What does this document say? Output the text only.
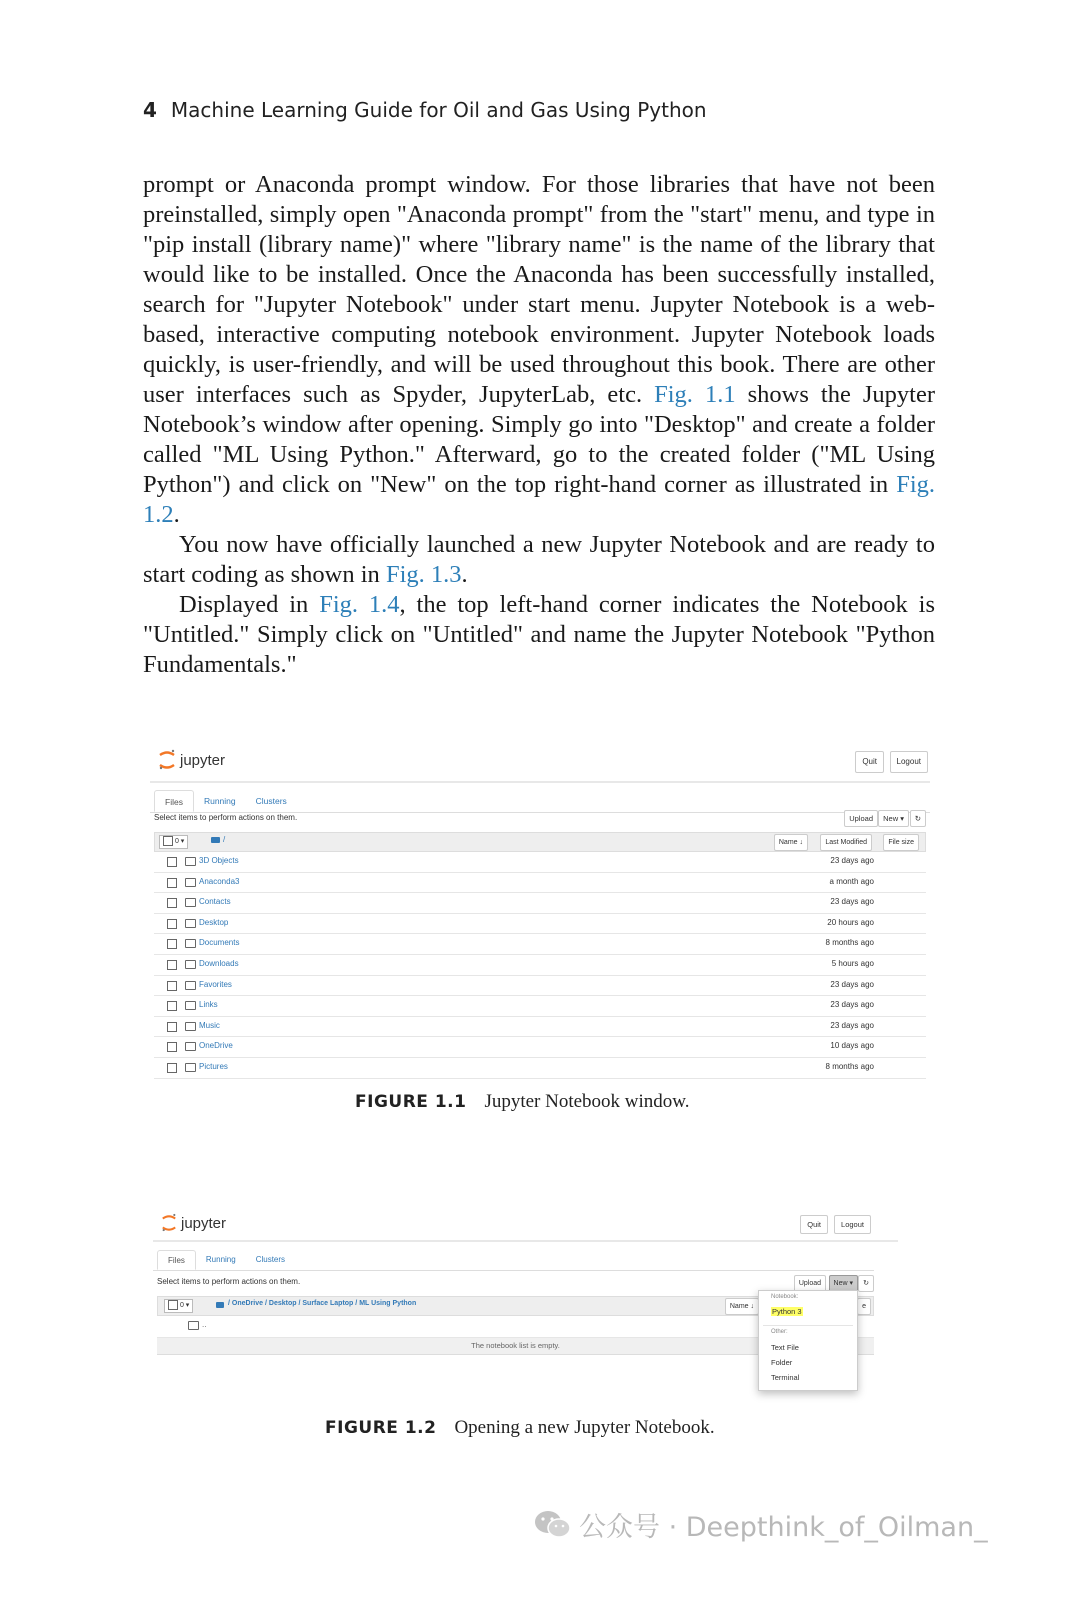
4 Machine Learning Guide for Oil and Gas Using Python

prompt or Anaconda prompt window. For those libraries that have not been preinstalled, simply open "Anaconda prompt" from the "start" menu, and type in "pip install (library name)" where "library name" is the name of the library that would like to be installed. Once the Anaconda has been successfully installed, search for "Jupyter Notebook" under start menu. Jupyter Notebook is a web-based, interactive computing notebook environment. Jupyter Notebook loads quickly, is user-friendly, and will be used throughout this book. There are other user interfaces such as Spyder, JupyterLab, etc. Fig. 1.1 shows the Jupyter Notebook’s window after opening. Simply go into "Desktop" and create a folder called "ML Using Python." Afterward, go to the created folder ("ML Using Python") and click on "New" on the top right-hand corner as illustrated in Fig. 1.2.

You now have officially launched a new Jupyter Notebook and are ready to start coding as shown in Fig. 1.3.

Displayed in Fig. 1.4, the top left-hand corner indicates the Notebook is "Untitled." Simply click on "Untitled" and name the Jupyter Notebook "Python Fundamentals."

jupyter	Quit	Logout
Files	Running	Clusters
Select items to perform actions on them.	Upload	New ▾	↻
0 ▾	/	Name ↓	Last Modified	File size
3D Objects	23 days ago
Anaconda3	a month ago
Contacts	23 days ago
Desktop	20 hours ago
Documents	8 months ago
Downloads	5 hours ago
Favorites	23 days ago
Links	23 days ago
Music	23 days ago
OneDrive	10 days ago
Pictures	8 months ago
FIGURE 1.1 Jupyter Notebook window.
jupyter	Quit	Logout
Files	Running	Clusters
Select items to perform actions on them.	Upload	New ▾	↻
0 ▾	/ OneDrive / Desktop / Surface Laptop / ML Using Python	Name ↓	e
..
The notebook list is empty.
Notebook:
Python 3
Other:
Text File
Folder
Terminal
FIGURE 1.2 Opening a new Jupyter Notebook.
公众号 · Deepthink_of_Oilman_
